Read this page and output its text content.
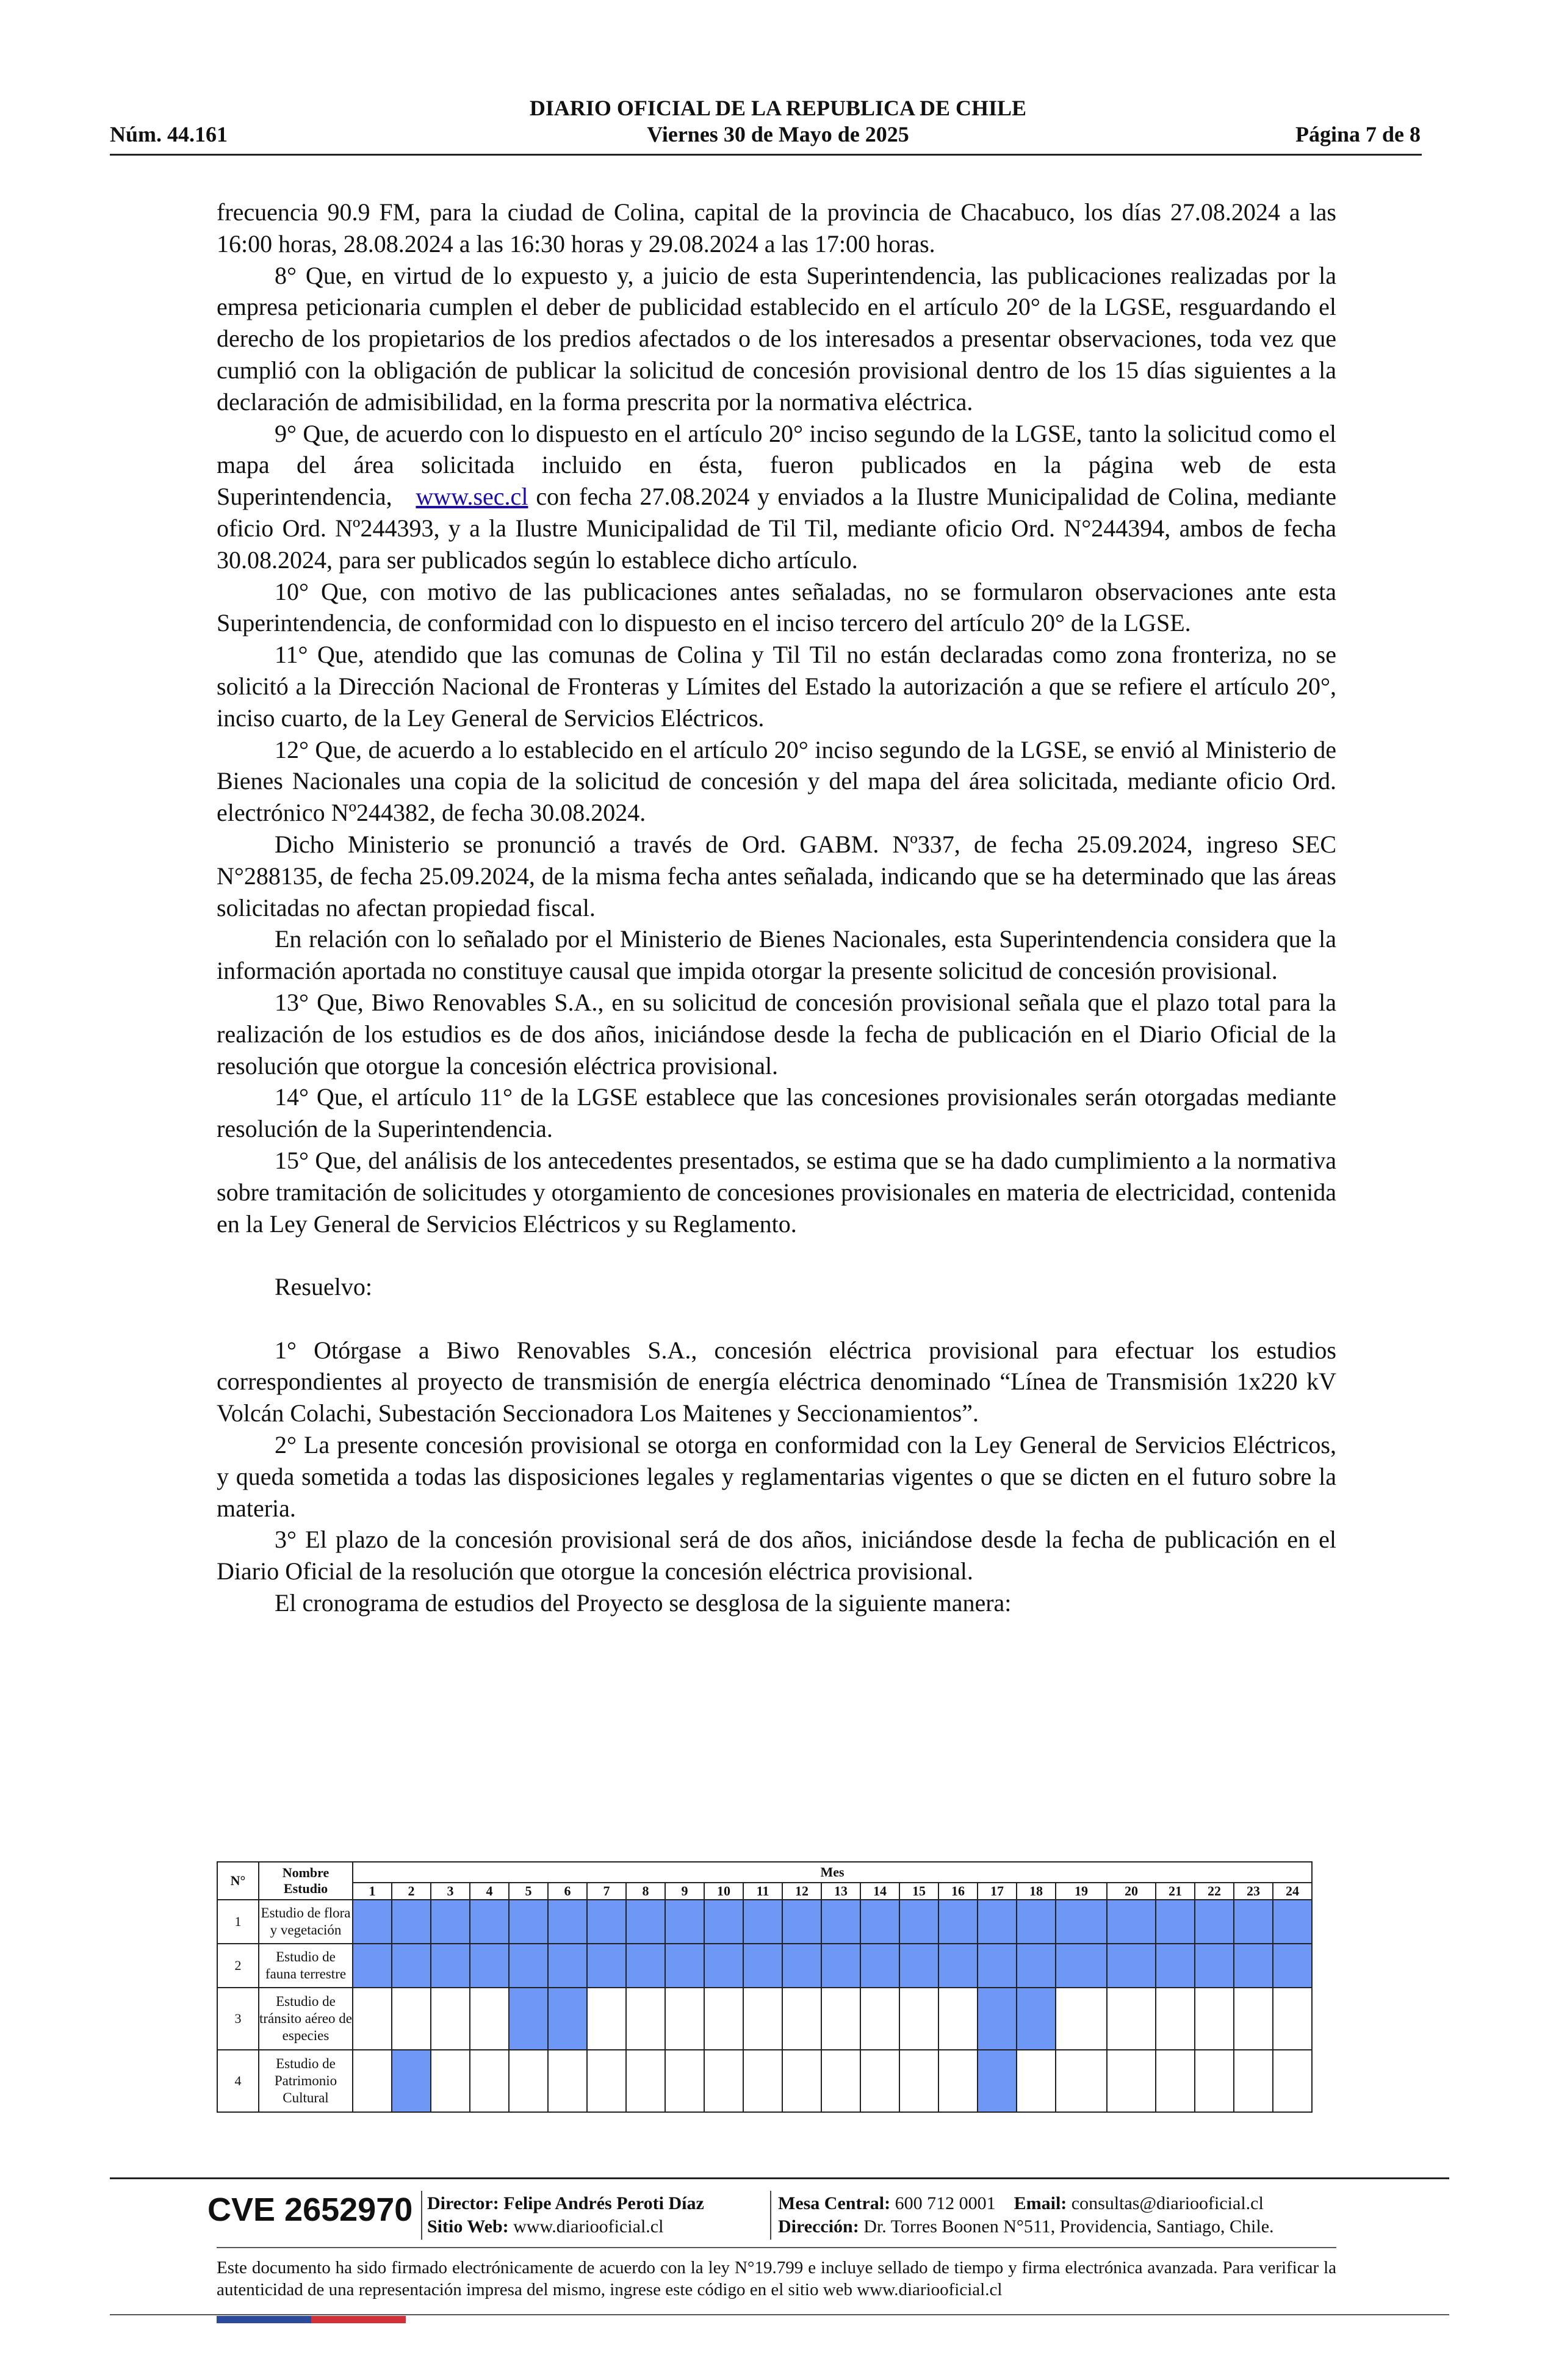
DIARIO OFICIAL DE LA REPUBLICA DE CHILE
Núm. 44.161	Viernes 30 de Mayo de 2025	Página 7 de 8

frecuencia 90.9 FM, para la ciudad de Colina, capital de la provincia de Chacabuco, los días 27.08.2024 a las 16:00 horas, 28.08.2024 a las 16:30 horas y 29.08.2024 a las 17:00 horas.

8° Que, en virtud de lo expuesto y, a juicio de esta Superintendencia, las publicaciones realizadas por la empresa peticionaria cumplen el deber de publicidad establecido en el artículo 20° de la LGSE, resguardando el derecho de los propietarios de los predios afectados o de los interesados a presentar observaciones, toda vez que cumplió con la obligación de publicar la solicitud de concesión provisional dentro de los 15 días siguientes a la declaración de admisibilidad, en la forma prescrita por la normativa eléctrica.

9° Que, de acuerdo con lo dispuesto en el artículo 20° inciso segundo de la LGSE, tanto la solicitud como el mapa del área solicitada incluido en ésta, fueron publicados en la página web de esta Superintendencia, www.sec.cl con fecha 27.08.2024 y enviados a la Ilustre Municipalidad de Colina, mediante oficio Ord. Nº244393, y a la Ilustre Municipalidad de Til Til, mediante oficio Ord. N°244394, ambos de fecha 30.08.2024, para ser publicados según lo establece dicho artículo.

10° Que, con motivo de las publicaciones antes señaladas, no se formularon observaciones ante esta Superintendencia, de conformidad con lo dispuesto en el inciso tercero del artículo 20° de la LGSE.

11° Que, atendido que las comunas de Colina y Til Til no están declaradas como zona fronteriza, no se solicitó a la Dirección Nacional de Fronteras y Límites del Estado la autorización a que se refiere el artículo 20°, inciso cuarto, de la Ley General de Servicios Eléctricos.

12° Que, de acuerdo a lo establecido en el artículo 20° inciso segundo de la LGSE, se envió al Ministerio de Bienes Nacionales una copia de la solicitud de concesión y del mapa del área solicitada, mediante oficio Ord. electrónico Nº244382, de fecha 30.08.2024.

Dicho Ministerio se pronunció a través de Ord. GABM. Nº337, de fecha 25.09.2024, ingreso SEC N°288135, de fecha 25.09.2024, de la misma fecha antes señalada, indicando que se ha determinado que las áreas solicitadas no afectan propiedad fiscal.

En relación con lo señalado por el Ministerio de Bienes Nacionales, esta Superintendencia considera que la información aportada no constituye causal que impida otorgar la presente solicitud de concesión provisional.

13° Que, Biwo Renovables S.A., en su solicitud de concesión provisional señala que el plazo total para la realización de los estudios es de dos años, iniciándose desde la fecha de publicación en el Diario Oficial de la resolución que otorgue la concesión eléctrica provisional.

14° Que, el artículo 11° de la LGSE establece que las concesiones provisionales serán otorgadas mediante resolución de la Superintendencia.

15° Que, del análisis de los antecedentes presentados, se estima que se ha dado cumplimiento a la normativa sobre tramitación de solicitudes y otorgamiento de concesiones provisionales en materia de electricidad, contenida en la Ley General de Servicios Eléctricos y su Reglamento.

Resuelvo:

1° Otórgase a Biwo Renovables S.A., concesión eléctrica provisional para efectuar los estudios correspondientes al proyecto de transmisión de energía eléctrica denominado “Línea de Transmisión 1x220 kV Volcán Colachi, Subestación Seccionadora Los Maitenes y Seccionamientos”.

2° La presente concesión provisional se otorga en conformidad con la Ley General de Servicios Eléctricos, y queda sometida a todas las disposiciones legales y reglamentarias vigentes o que se dicten en el futuro sobre la materia.

3° El plazo de la concesión provisional será de dos años, iniciándose desde la fecha de publicación en el Diario Oficial de la resolución que otorgue la concesión eléctrica provisional.

El cronograma de estudios del Proyecto se desglosa de la siguiente manera:

N°	Nombre Estudio	Mes																							
		1	2	3	4	5	6	7	8	9	10	11	12	13	14	15	16	17	18	19	20	21	22	23	24
1	Estudio de flora y vegetación																								
2	Estudio de fauna terrestre																								
3	Estudio de tránsito aéreo de especies																								
4	Estudio de Patrimonio Cultural																								
CVE 2652970 Director: Felipe Andrés Peroti Díaz
Sitio Web: www.diariooficial.cl
Mesa Central: 600 712 0001 Email: consultas@diariooficial.cl
Dirección: Dr. Torres Boonen N°511, Providencia, Santiago, Chile.
Este documento ha sido firmado electrónicamente de acuerdo con la ley N°19.799 e incluye sellado de tiempo y firma electrónica avanzada. Para verificar la autenticidad de una representación impresa del mismo, ingrese este código en el sitio web www.diariooficial.cl
